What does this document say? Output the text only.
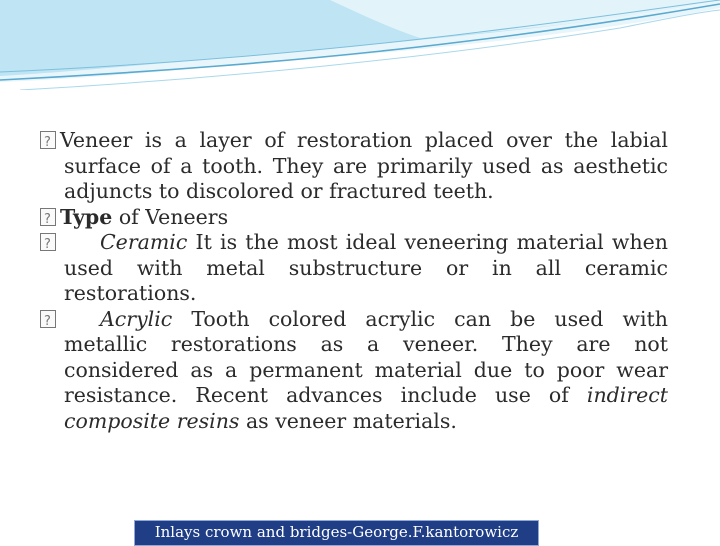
?Veneer is a layer of restoration placed over the labial surface of a tooth. They are primarily used as aesthetic adjuncts to discolored or fractured teeth.

?Type of Veneers

?Ceramic It is the most ideal veneering material when used with metal substructure or in all ceramic restorations.

?Acrylic Tooth colored acrylic can be used with metallic restorations as a veneer. They are not considered as a permanent material due to poor wear resistance. Recent advances include use of indirect composite resins as veneer materials.

Inlays crown and bridges-George.F.kantorowicz
